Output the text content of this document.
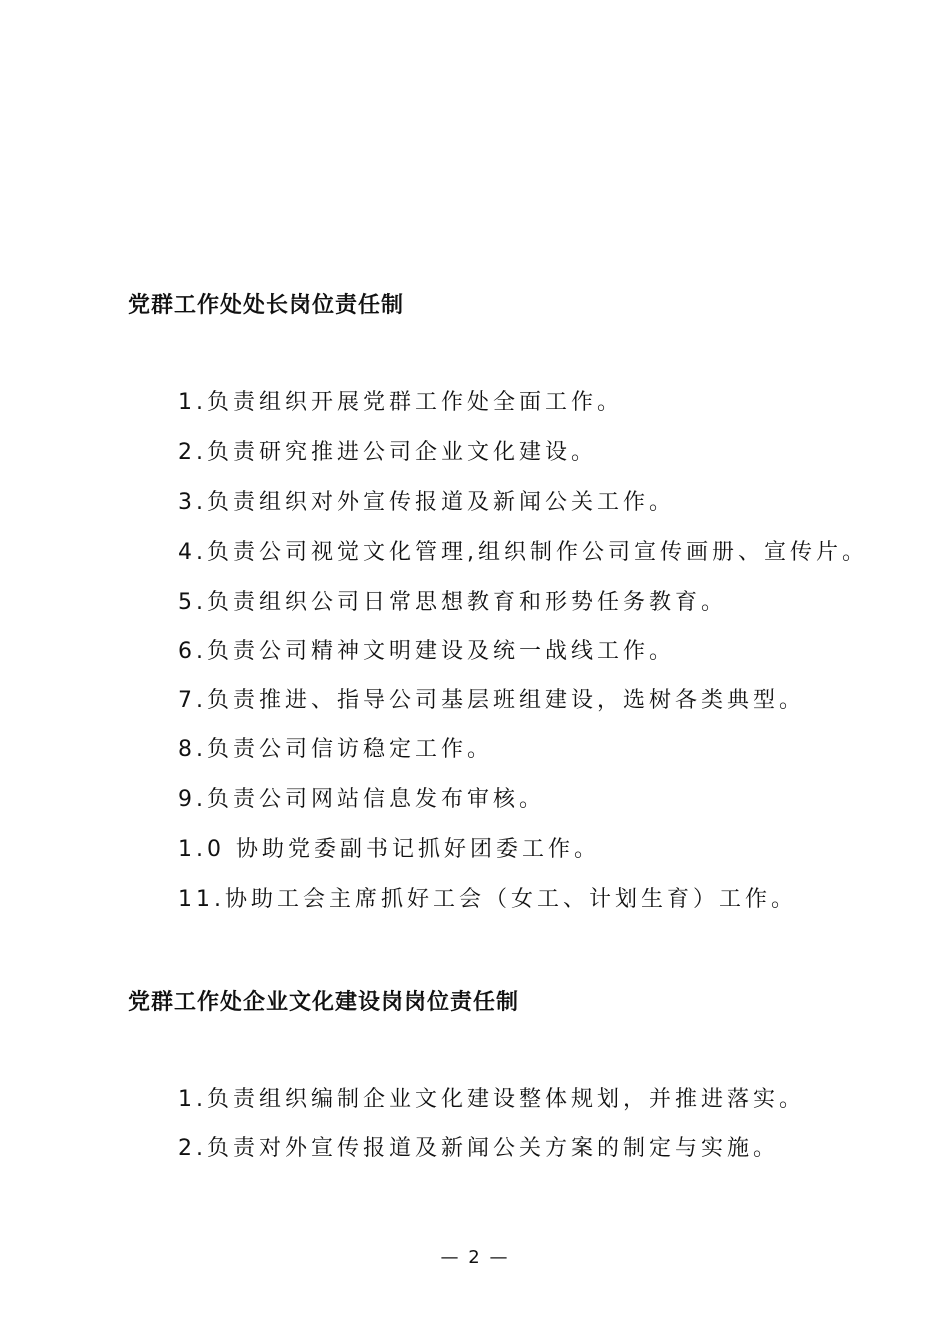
党群工作处处长岗位责任制
1.负责组织开展党群工作处全面工作。
2.负责研究推进公司企业文化建设。
3.负责组织对外宣传报道及新闻公关工作。
4.负责公司视觉文化管理,组织制作公司宣传画册、宣传片。
5.负责组织公司日常思想教育和形势任务教育。
6.负责公司精神文明建设及统一战线工作。
7.负责推进、指导公司基层班组建设，选树各类典型。
8.负责公司信访稳定工作。
9.负责公司网站信息发布审核。
1.0 协助党委副书记抓好团委工作。
11.协助工会主席抓好工会（女工、计划生育）工作。
党群工作处企业文化建设岗岗位责任制
1.负责组织编制企业文化建设整体规划，并推进落实。
2.负责对外宣传报道及新闻公关方案的制定与实施。
— 2 —
